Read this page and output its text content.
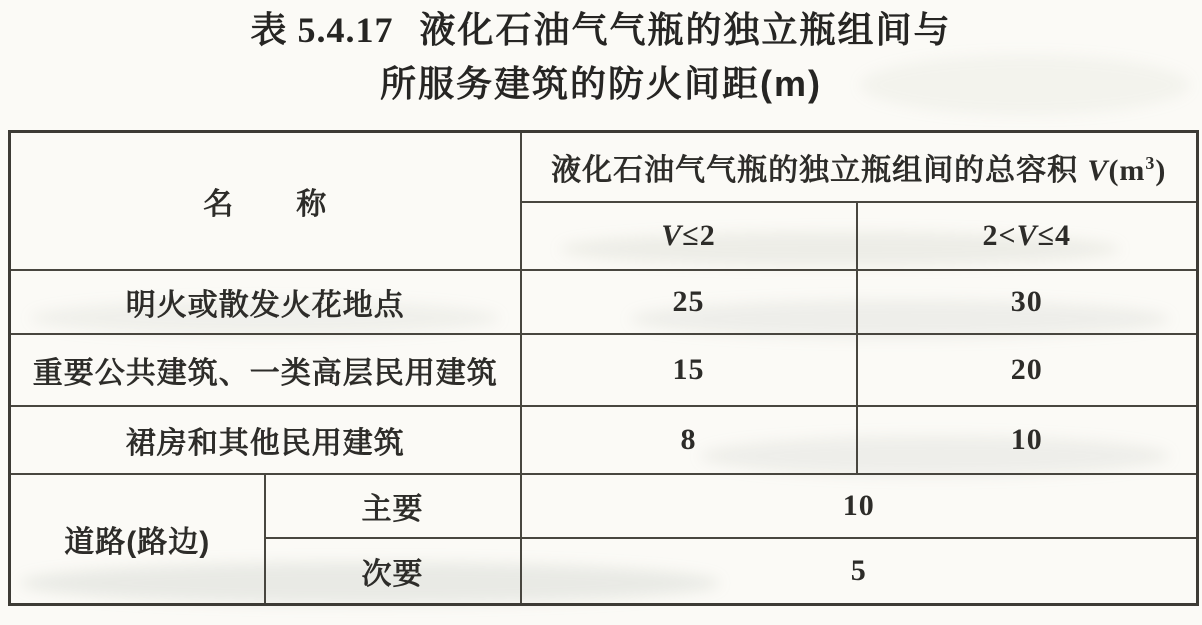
表 5.4.17 液化石油气气瓶的独立瓶组间与
所服务建筑的防火间距(m)
名　　称		液化石油气气瓶的独立瓶组间的总容积 $V(m^3)$	
		V≤2	2<V≤4
明火或散发火花地点		25	30
重要公共建筑、一类高层民用建筑		15	20
裙房和其他民用建筑		8	10
道路(路边)	主要	10	
	次要	5	
